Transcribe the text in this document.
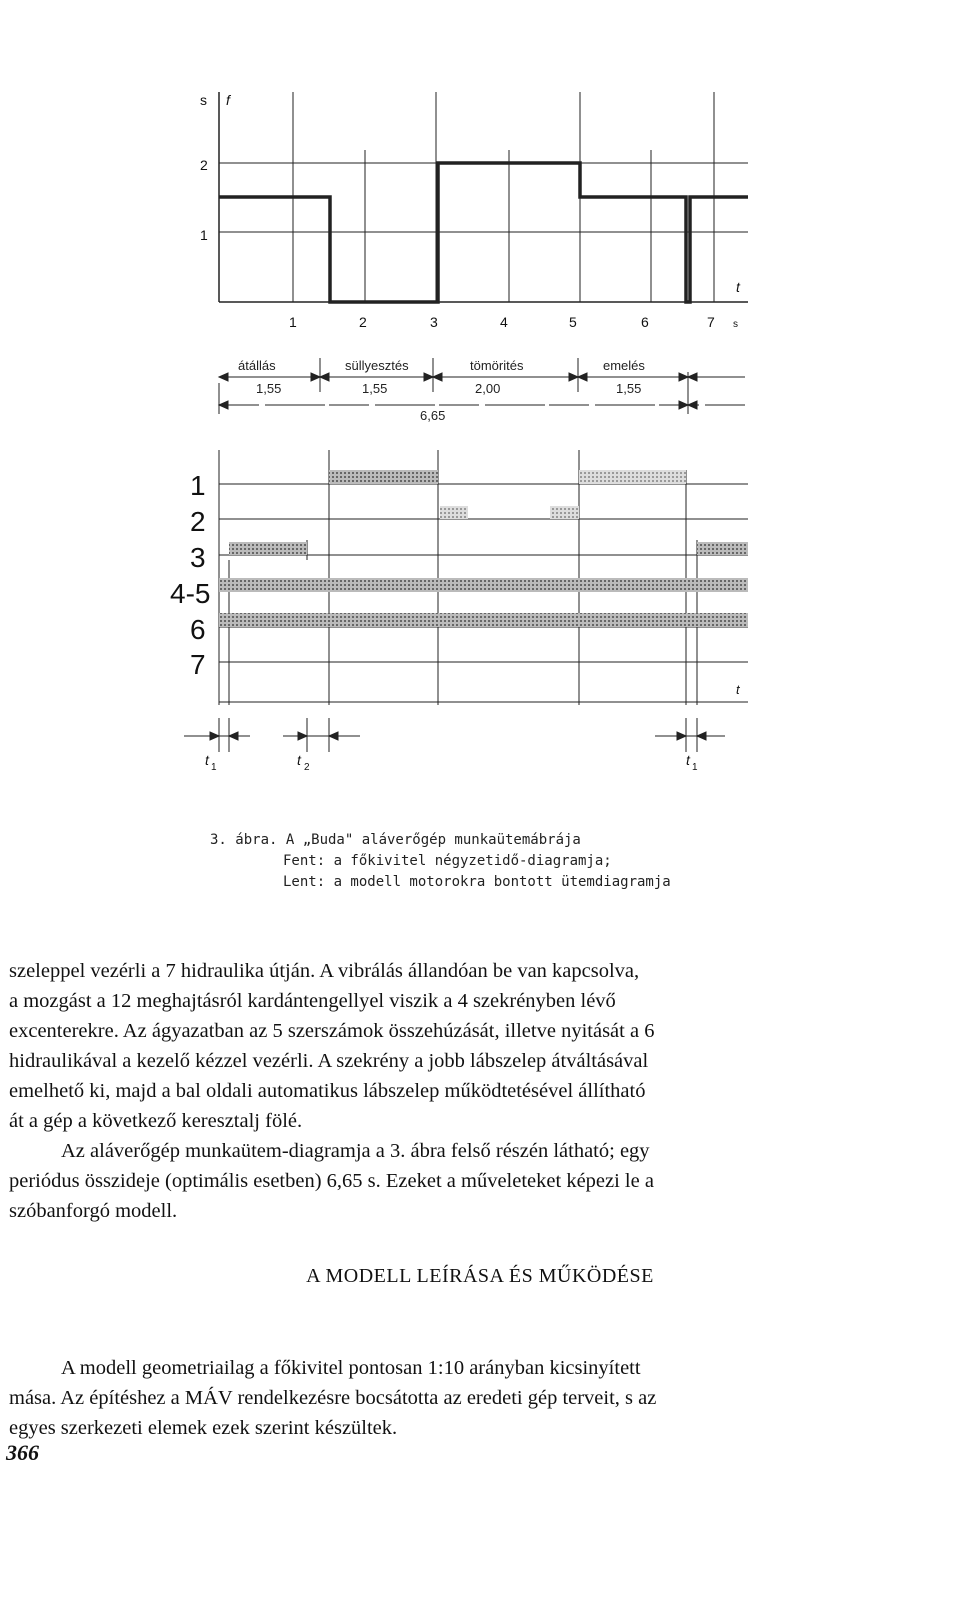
s f
2
1
t
1	2	3	4	5	6	7 s
átállás
1,55
süllyesztés
1,55
tömörités
2,00
emelés
1,55
6,65
1
2
3
4-5
6
7
t
t 1	t 2	t 1
3. ábra. A „Buda" aláverőgép munkaütemábrája
Fent: a főkivitel négyzetidő-diagramja;
Lent: a modell motorokra bontott ütemdiagramja

szeleppel vezérli a 7 hidraulika útján. A vibrálás állandóan be van kapcsolva,

a mozgást a 12 meghajtásról kardántengellyel viszik a 4 szekrényben lévő

excenterekre. Az ágyazatban az 5 szerszámok összehúzását, illetve nyitását a 6

hidraulikával a kezelő kézzel vezérli. A szekrény a jobb lábszelep átváltásával

emelhető ki, majd a bal oldali automatikus lábszelep működtetésével állítható

át a gép a következő keresztalj fölé.

Az aláverőgép munkaütem-diagramja a 3. ábra felső részén látható; egy

periódus összideje (optimális esetben) 6,65 s. Ezeket a műveleteket képezi le a

szóbanforgó modell.

A MODELL LEÍRÁSA ÉS MŰKÖDÉSE

A modell geometriailag a főkivitel pontosan 1:10 arányban kicsinyített

mása. Az építéshez a MÁV rendelkezésre bocsátotta az eredeti gép terveit, s az

egyes szerkezeti elemek ezek szerint készültek.

366
